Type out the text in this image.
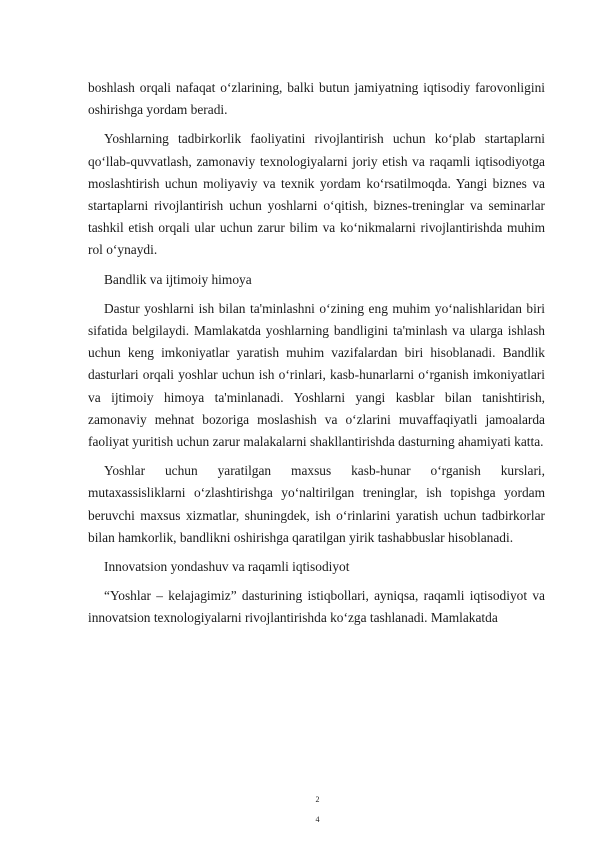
boshlash orqali nafaqat o‘zlarining, balki butun jamiyatning iqtisodiy farovonligini oshirishga yordam beradi.

Yoshlarning tadbirkorlik faoliyatini rivojlantirish uchun ko‘plab startaplarni qo‘llab-quvvatlash, zamonaviy texnologiyalarni joriy etish va raqamli iqtisodiyotga moslashtirish uchun moliyaviy va texnik yordam ko‘rsatilmoqda. Yangi biznes va startaplarni rivojlantirish uchun yoshlarni o‘qitish, biznes-treninglar va seminarlar tashkil etish orqali ular uchun zarur bilim va ko‘nikmalarni rivojlantirishda muhim rol o‘ynaydi.

Bandlik va ijtimoiy himoya

Dastur yoshlarni ish bilan ta'minlashni o‘zining eng muhim yo‘nalishlaridan biri sifatida belgilaydi. Mamlakatda yoshlarning bandligini ta'minlash va ularga ishlash uchun keng imkoniyatlar yaratish muhim vazifalardan biri hisoblanadi. Bandlik dasturlari orqali yoshlar uchun ish o‘rinlari, kasb-hunarlarni o‘rganish imkoniyatlari va ijtimoiy himoya ta'minlanadi. Yoshlarni yangi kasblar bilan tanishtirish, zamonaviy mehnat bozoriga moslashish va o‘zlarini muvaffaqiyatli jamoalarda faoliyat yuritish uchun zarur malakalarni shakllantirishda dasturning ahamiyati katta.

Yoshlar uchun yaratilgan maxsus kasb-hunar o‘rganish kurslari, mutaxassisliklarni o‘zlashtirishga yo‘naltirilgan treninglar, ish topishga yordam beruvchi maxsus xizmatlar, shuningdek, ish o‘rinlarini yaratish uchun tadbirkorlar bilan hamkorlik, bandlikni oshirishga qaratilgan yirik tashabbuslar hisoblanadi.

Innovatsion yondashuv va raqamli iqtisodiyot

“Yoshlar – kelajagimiz” dasturining istiqbollari, ayniqsa, raqamli iqtisodiyot va innovatsion texnologiyalarni rivojlantirishda ko‘zga tashlanadi. Mamlakatda

2
4
